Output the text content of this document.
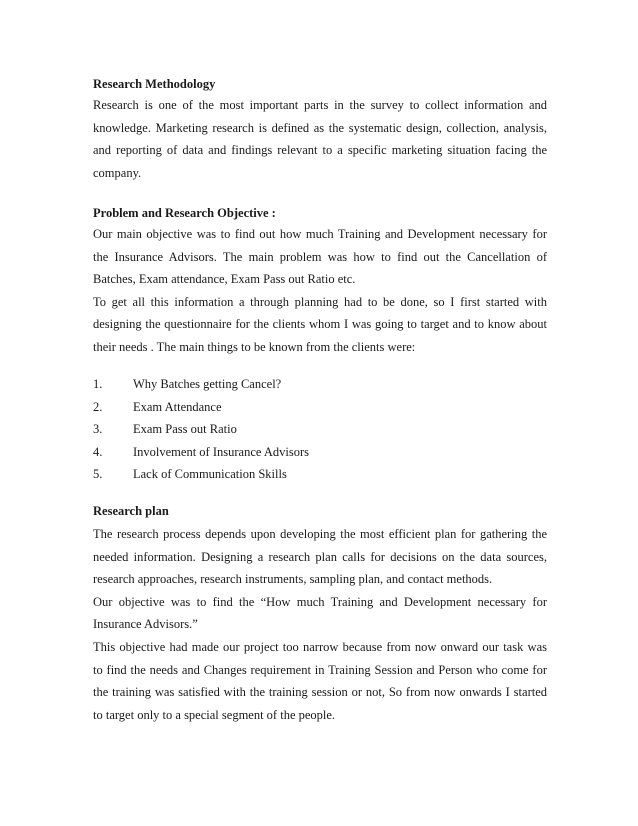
Research Methodology
Research is one of the most important parts in the survey to collect information and
knowledge. Marketing research is defined as the systematic design, collection, analysis,
and reporting of data and findings relevant to a specific marketing situation facing the
company.
Problem and Research Objective :
Our main objective was to find out how much Training and Development necessary for
the Insurance Advisors. The main problem was how to find out the Cancellation of
Batches, Exam attendance, Exam Pass out Ratio etc.
To get all this information a through planning had to be done, so I first started with
designing the questionnaire for the clients whom I was going to target and to know about
their needs . The main things to be known from the clients were:
1. Why Batches getting Cancel?
2. Exam Attendance
3. Exam Pass out Ratio
4. Involvement of Insurance Advisors
5. Lack of Communication Skills
Research plan
The research process depends upon developing the most efficient plan for gathering the
needed information. Designing a research plan calls for decisions on the data sources,
research approaches, research instruments, sampling plan, and contact methods.
Our objective was to find the “How much Training and Development necessary for
Insurance Advisors.”
This objective had made our project too narrow because from now onward our task was
to find the needs and Changes requirement in Training Session and Person who come for
the training was satisfied with the training session or not, So from now onwards I started
to target only to a special segment of the people.
